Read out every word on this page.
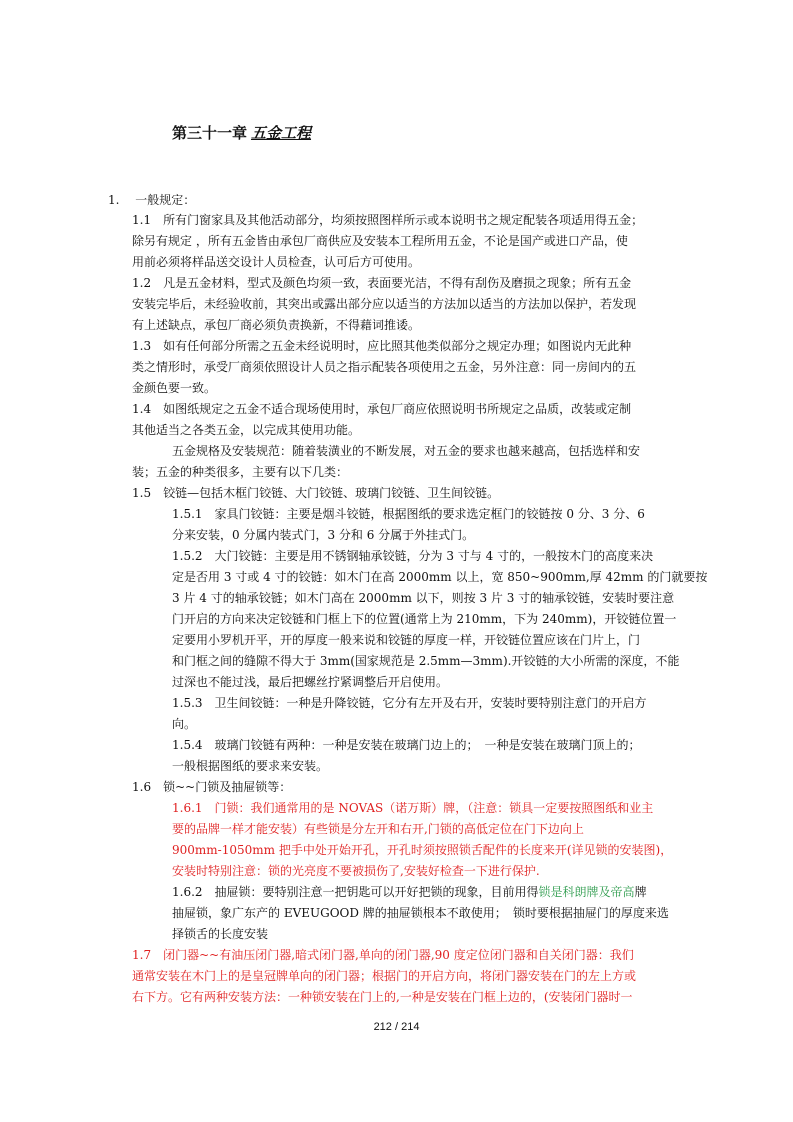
第三十一章 五金工程
1.　 一般规定：
1.1　所有门窗家具及其他活动部分，均须按照图样所示或本说明书之规定配装各项适用得五金；
除另有规定 ，所有五金皆由承包厂商供应及安装本工程所用五金，不论是国产或进口产品，使
用前必须将样品送交设计人员检查，认可后方可使用。
1.2　凡是五金材料，型式及颜色均须一致，表面要光洁，不得有刮伤及磨损之现象；所有五金
安装完毕后，未经验收前，其突出或露出部分应以适当的方法加以适当的方法加以保护，若发现
有上述缺点，承包厂商必须负责换新，不得藉词推诿。
1.3　如有任何部分所需之五金未经说明时，应比照其他类似部分之规定办理；如图说内无此种
类之情形时，承受厂商须依照设计人员之指示配装各项使用之五金，另外注意：同一房间内的五
金颜色要一致。
1.4　如图纸规定之五金不适合现场使用时，承包厂商应依照说明书所规定之品质，改装或定制
其他适当之各类五金，以完成其使用功能。
五金规格及安装规范：随着装潢业的不断发展，对五金的要求也越来越高，包括选样和安
装；五金的种类很多，主要有以下几类：
1.5　铰链—包括木框门铰链、大门铰链、玻璃门铰链、卫生间铰链。
1.5.1　家具门铰链：主要是烟斗铰链，根据图纸的要求选定框门的铰链按 0 分、3 分、6
分来安装，0 分属内装式门，3 分和 6 分属于外挂式门。
1.5.2　大门铰链：主要是用不锈钢轴承铰链，分为 3 寸与 4 寸的，一般按木门的高度来决
定是否用 3 寸或 4 寸的铰链：如木门在高 2000mm 以上，宽 850~900mm,厚 42mm 的门就要按
3 片 4 寸的轴承铰链；如木门高在 2000mm 以下，则按 3 片 3 寸的轴承铰链，安装时要注意
门开启的方向来决定铰链和门框上下的位置(通常上为 210mm，下为 240mm)，开铰链位置一
定要用小罗机开平，开的厚度一般来说和铰链的厚度一样，开铰链位置应该在门片上，门
和门框之间的缝隙不得大于 3mm(国家规范是 2.5mm—3mm).开铰链的大小所需的深度，不能
过深也不能过浅，最后把螺丝拧紧调整后开启使用。
1.5.3　卫生间铰链：一种是升降铰链，它分有左开及右开，安装时要特别注意门的开启方
向。
1.5.4　玻璃门铰链有两种：一种是安装在玻璃门边上的；　一种是安装在玻璃门顶上的；
一般根据图纸的要求来安装。
1.6　锁~~门锁及抽屉锁等：
1.6.1　门锁：我们通常用的是 NOVAS（诺万斯）牌，（注意：锁具一定要按照图纸和业主
要的品牌一样才能安装）有些锁是分左开和右开,门锁的高低定位在门下边向上
900mm-1050mm 把手中处开始开孔，开孔时须按照锁舌配件的长度来开(详见锁的安装图)，
安装时特别注意：锁的光亮度不要被损伤了,安装好检查一下进行保护.
1.6.2　抽屉锁：要特别注意一把钥匙可以开好把锁的现象，目前用得锁是科朗牌及帝高牌
抽屉锁，象广东产的 EVEUGOOD 牌的抽屉锁根本不敢使用；　锁时要根据抽屉门的厚度来选
择锁舌的长度安装
1.7　闭门器~~有油压闭门器,暗式闭门器,单向的闭门器,90 度定位闭门器和自关闭门器：我们
通常安装在木门上的是皇冠牌单向的闭门器；根据门的开启方向，将闭门器安装在门的左上方或
右下方。它有两种安装方法：一种锁安装在门上的,一种是安装在门框上边的，(安装闭门器时一
212 / 214
